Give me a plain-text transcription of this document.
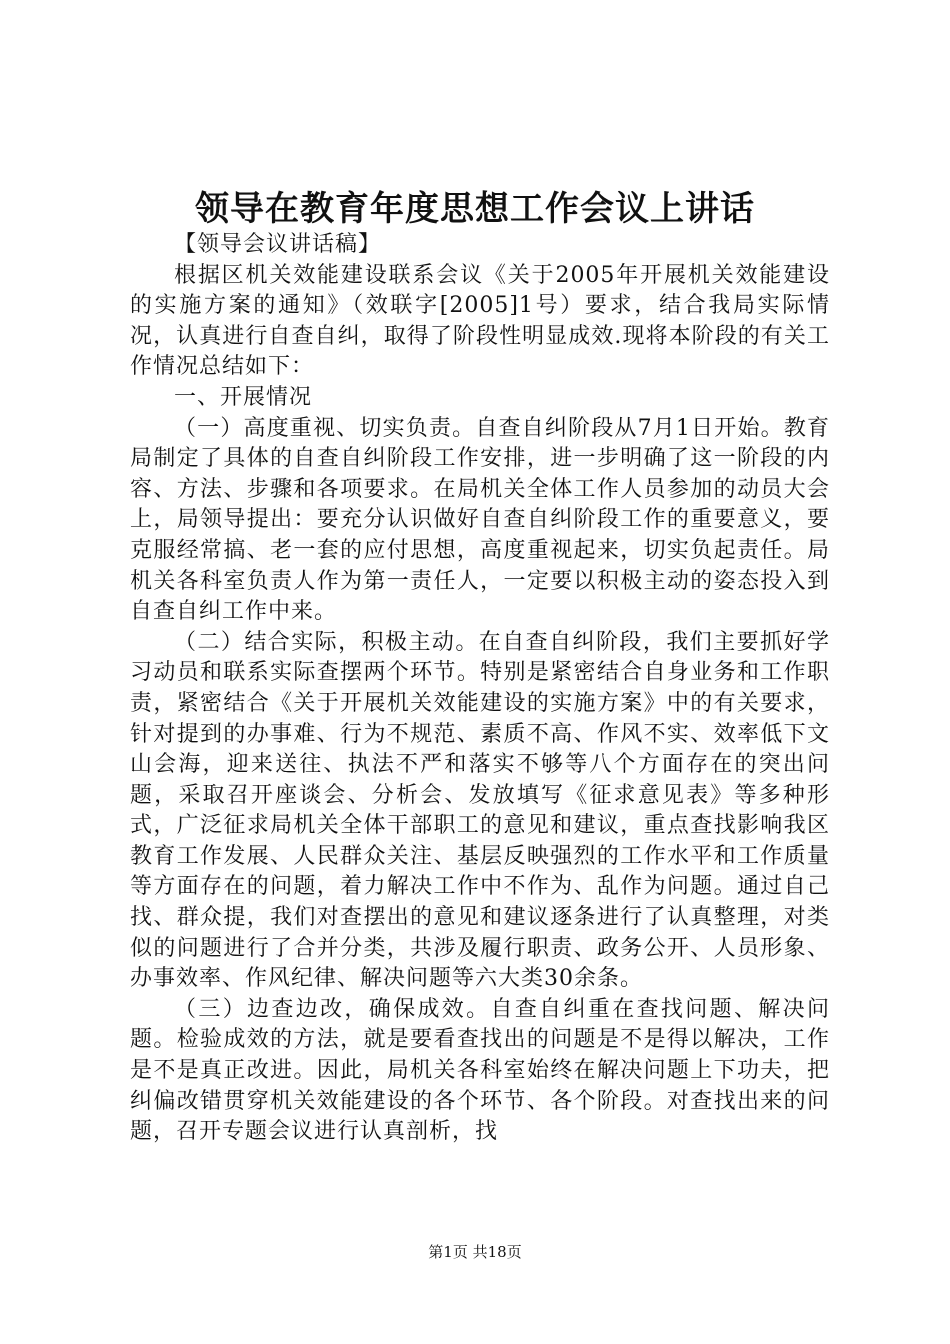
领导在教育年度思想工作会议上讲话

【领导会议讲话稿】

根据区机关效能建设联系会议《关于2005年开展机关效能建设的实施方案的通知》（效联字[2005]1号）要求，结合我局实际情况，认真进行自查自纠，取得了阶段性明显成效.现将本阶段的有关工作情况总结如下：

一、开展情况

（一）高度重视、切实负责。自查自纠阶段从7月1日开始。教育局制定了具体的自查自纠阶段工作安排，进一步明确了这一阶段的内容、方法、步骤和各项要求。在局机关全体工作人员参加的动员大会上，局领导提出：要充分认识做好自查自纠阶段工作的重要意义，要克服经常搞、老一套的应付思想，高度重视起来，切实负起责任。局机关各科室负责人作为第一责任人，一定要以积极主动的姿态投入到自查自纠工作中来。

（二）结合实际，积极主动。在自查自纠阶段，我们主要抓好学习动员和联系实际查摆两个环节。特别是紧密结合自身业务和工作职责，紧密结合《关于开展机关效能建设的实施方案》中的有关要求，针对提到的办事难、行为不规范、素质不高、作风不实、效率低下文山会海，迎来送往、执法不严和落实不够等八个方面存在的突出问题，采取召开座谈会、分析会、发放填写《征求意见表》等多种形式，广泛征求局机关全体干部职工的意见和建议，重点查找影响我区教育工作发展、人民群众关注、基层反映强烈的工作水平和工作质量等方面存在的问题，着力解决工作中不作为、乱作为问题。通过自己找、群众提，我们对查摆出的意见和建议逐条进行了认真整理，对类似的问题进行了合并分类，共涉及履行职责、政务公开、人员形象、办事效率、作风纪律、解决问题等六大类30余条。

（三）边查边改，确保成效。自查自纠重在查找问题、解决问题。检验成效的方法，就是要看查找出的问题是不是得以解决，工作是不是真正改进。因此，局机关各科室始终在解决问题上下功夫，把纠偏改错贯穿机关效能建设的各个环节、各个阶段。对查找出来的问题，召开专题会议进行认真剖析，找

第1页 共18页
